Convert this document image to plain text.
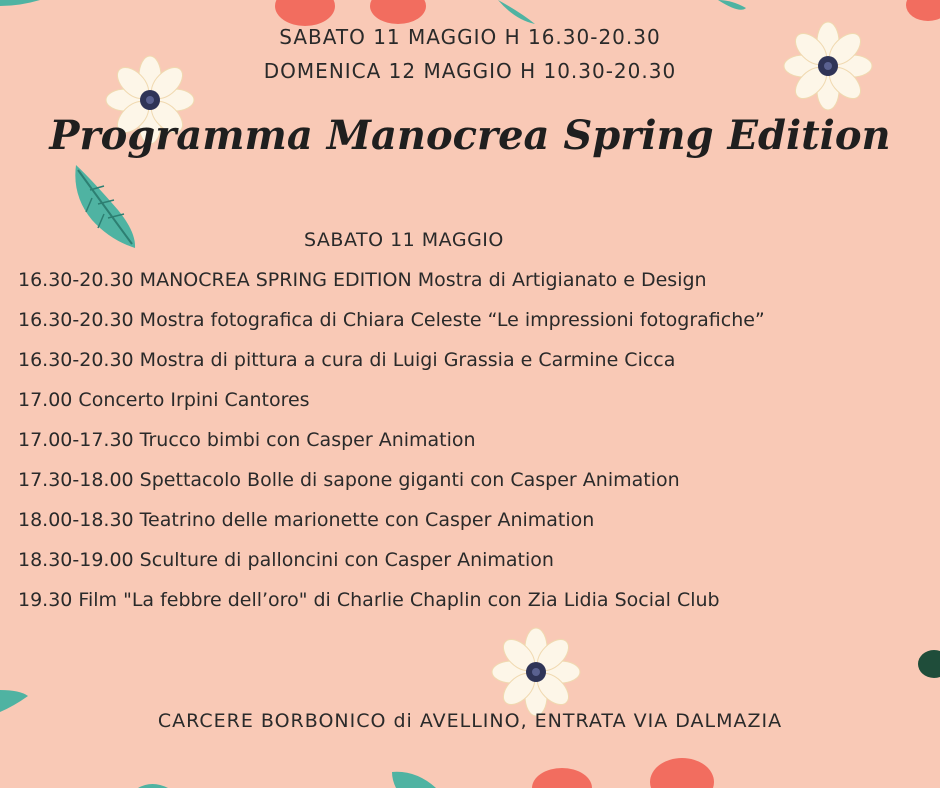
SABATO 11 MAGGIO H 16.30-20.30
DOMENICA 12 MAGGIO H 10.30-20.30
Programma Manocrea Spring Edition
SABATO 11 MAGGIO
16.30-20.30 MANOCREA SPRING EDITION Mostra di Artigianato e Design
16.30-20.30 Mostra fotografica di Chiara Celeste “Le impressioni fotografiche”
16.30-20.30 Mostra di pittura a cura di Luigi Grassia e Carmine Cicca
17.00 Concerto Irpini Cantores
17.00-17.30 Trucco bimbi con Casper Animation
17.30-18.00 Spettacolo Bolle di sapone giganti con Casper Animation
18.00-18.30 Teatrino delle marionette con Casper Animation
18.30-19.00 Sculture di palloncini con Casper Animation
19.30 Film "La febbre dell’oro" di Charlie Chaplin con Zia Lidia Social Club
CARCERE BORBONICO di AVELLINO, ENTRATA VIA DALMAZIA
